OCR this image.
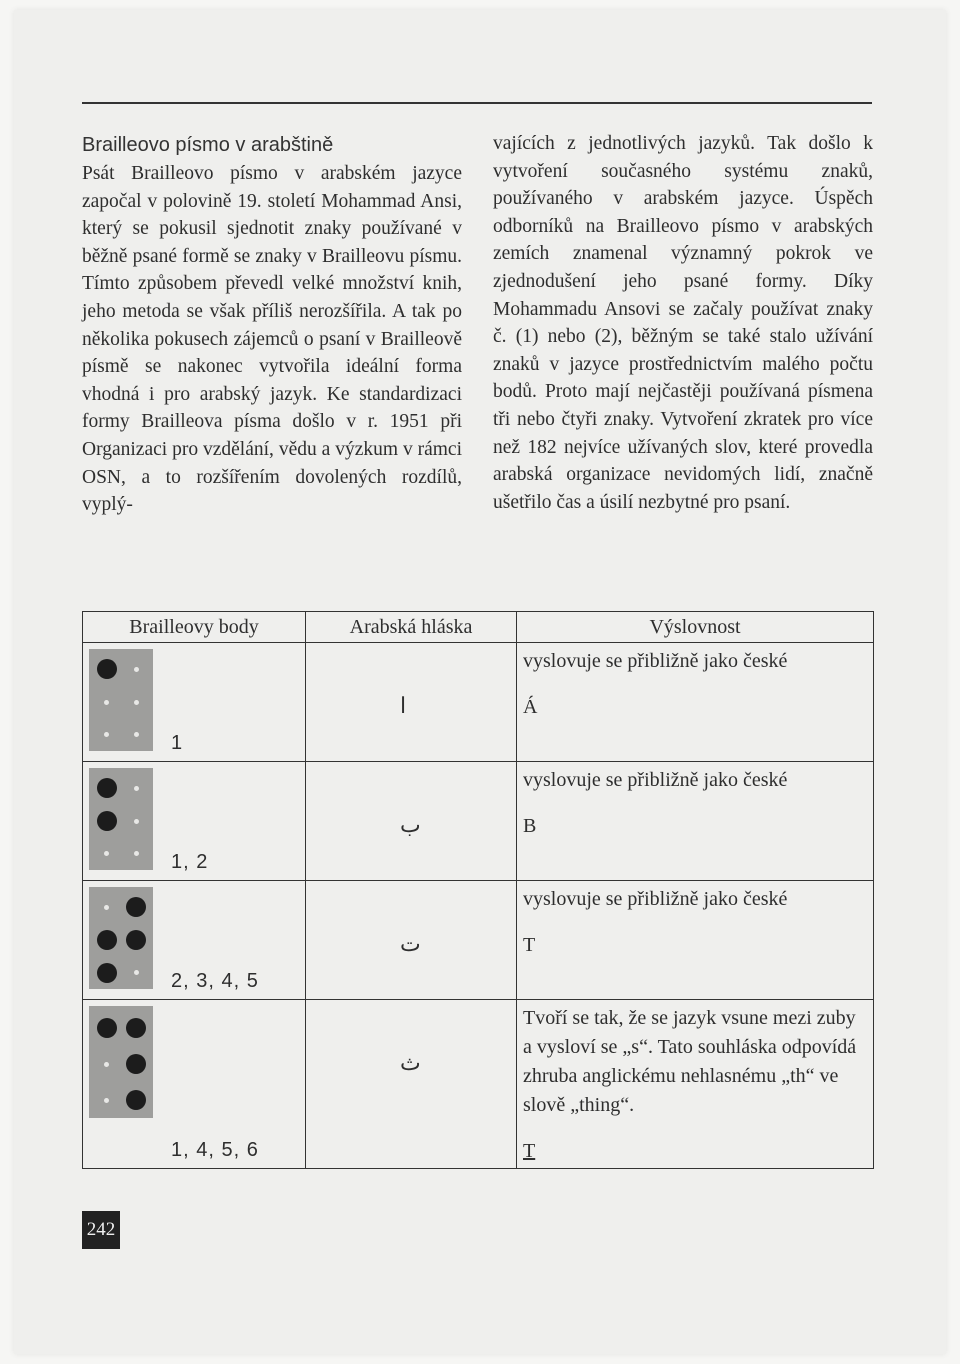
Brailleovo písmo v arabštině

Psát Brailleovo písmo v arabském jazyce započal v polovině 19. století Mohammad Ansi, který se pokusil sjednotit znaky používané v běžně psané formě se znaky v Brailleovu písmu. Tímto způsobem převedl velké množství knih, jeho metoda se však příliš nerozšířila. A tak po několika pokusech zájemců o psaní v Brailleově písmě se nakonec vytvořila ideální forma vhodná i pro arabský jazyk. Ke standardizaci formy Brailleova písma došlo v r. 1951 při Organizaci pro vzdělání, vědu a výzkum v rámci OSN, a to rozšířením dovolených rozdílů, vyplý-

vajících z jednotlivých jazyků. Tak došlo k vytvoření současného systému znaků, používaného v arabském jazyce. Úspěch odborníků na Brailleovo písmo v arabských zemích znamenal významný pokrok ve zjednodušení jeho psané formy. Díky Mohammadu Ansovi se začaly používat znaky č. (1) nebo (2), běžným se také stalo užívání znaků v jazyce prostřednictvím malého počtu bodů. Proto mají nejčastěji používaná písmena tři nebo čtyři znaky. Vytvoření zkratek pro více než 182 nejvíce užívaných slov, které provedla arabská organizace nevidomých lidí, značně ušetřilo čas a úsilí nezbytné pro psaní.

Brailleovy body	Arabská hláska	Výslovnost

1	ا	vyslovuje se přibližně jako české
Á

1, 2	ب	vyslovuje se přibližně jako české
B

2, 3, 4, 5	ت	vyslovuje se přibližně jako české
T

1, 4, 5, 6	ث	Tvoří se tak, že se jazyk vsune mezi zuby a vysloví se „s“. Tato souhláska odpovídá zhruba anglickému nehlasnému „th“ ve slově „thing“.
T
242
